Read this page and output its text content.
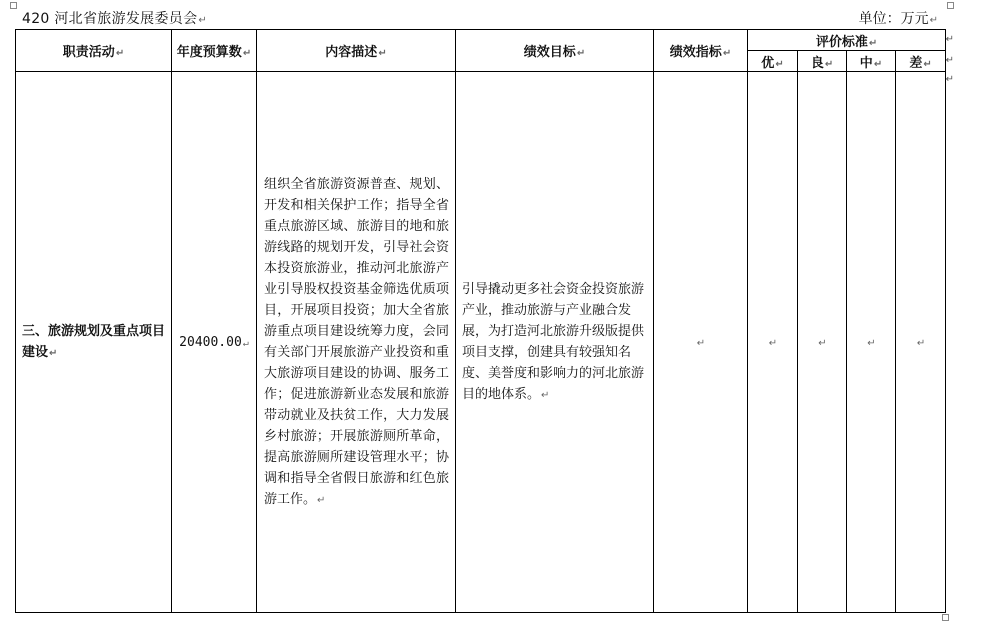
420 河北省旅游发展委员会↵	单位：万元↵
职责活动↵	年度预算数↵	内容描述↵	绩效目标↵	绩效指标↵	评价标准↵			
					优↵	良↵	中↵	差↵
三、旅游规划及重点项目建设↵	20400.00↵	组织全省旅游资源普查、规划、开发和相关保护工作；指导全省重点旅游区域、旅游目的地和旅游线路的规划开发，引导社会资本投资旅游业，推动河北旅游产业引导股权投资基金筛选优质项目，开展项目投资；加大全省旅游重点项目建设统筹力度，会同有关部门开展旅游产业投资和重大旅游项目建设的协调、服务工作；促进旅游新业态发展和旅游带动就业及扶贫工作，大力发展乡村旅游；开展旅游厕所革命，提高旅游厕所建设管理水平；协调和指导全省假日旅游和红色旅游工作。↵	引导撬动更多社会资金投资旅游产业，推动旅游与产业融合发展，为打造河北旅游升级版提供项目支撑，创建具有较强知名度、美誉度和影响力的河北旅游目的地体系。↵	↵	↵	↵	↵	↵
↵
↵
↵
